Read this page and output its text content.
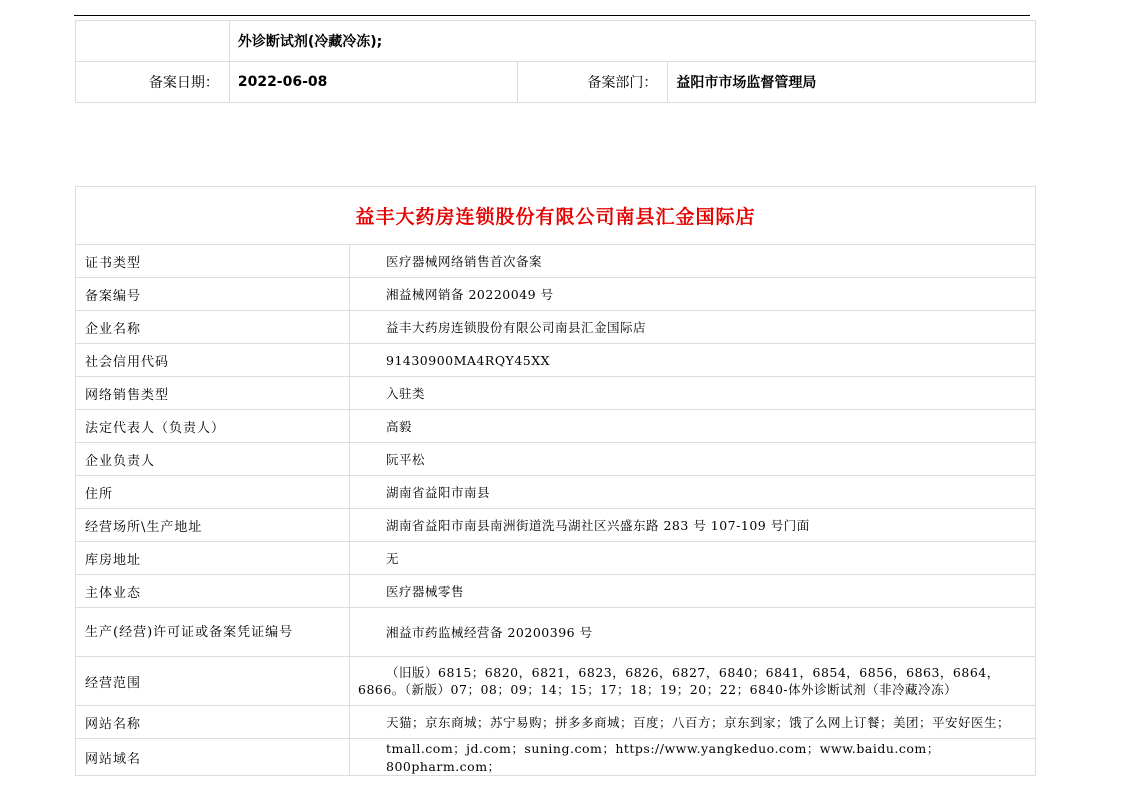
	外诊断试剂(冷藏冷冻);		
备案日期：	2022-06-08	备案部门：	益阳市市场监督管理局
益丰大药房连锁股份有限公司南县汇金国际店	
证书类型	医疗器械网络销售首次备案
备案编号	湘益械网销备 20220049 号
企业名称	益丰大药房连锁股份有限公司南县汇金国际店
社会信用代码	91430900MA4RQY45XX
网络销售类型	入驻类
法定代表人（负责人）	高毅
企业负责人	阮平松
住所	湖南省益阳市南县
经营场所\生产地址	湖南省益阳市南县南洲街道洗马湖社区兴盛东路 283 号 107-109 号门面
库房地址	无
主体业态	医疗器械零售
生产(经营)许可证或备案凭证编号	湘益市药监械经营备 20200396 号
经营范围	（旧版）6815；6820，6821，6823，6826，6827，6840；6841，6854，6856，6863，6864，6866。（新版）07；08；09；14；15；17；18；19；20；22；6840-体外诊断试剂（非冷藏冷冻）
网站名称	天猫；京东商城；苏宁易购；拼多多商城；百度；八百方；京东到家；饿了么网上订餐；美团；平安好医生；
网站域名	tmall.com；jd.com；suning.com；https://www.yangkeduo.com；www.baidu.com；800pharm.com；
